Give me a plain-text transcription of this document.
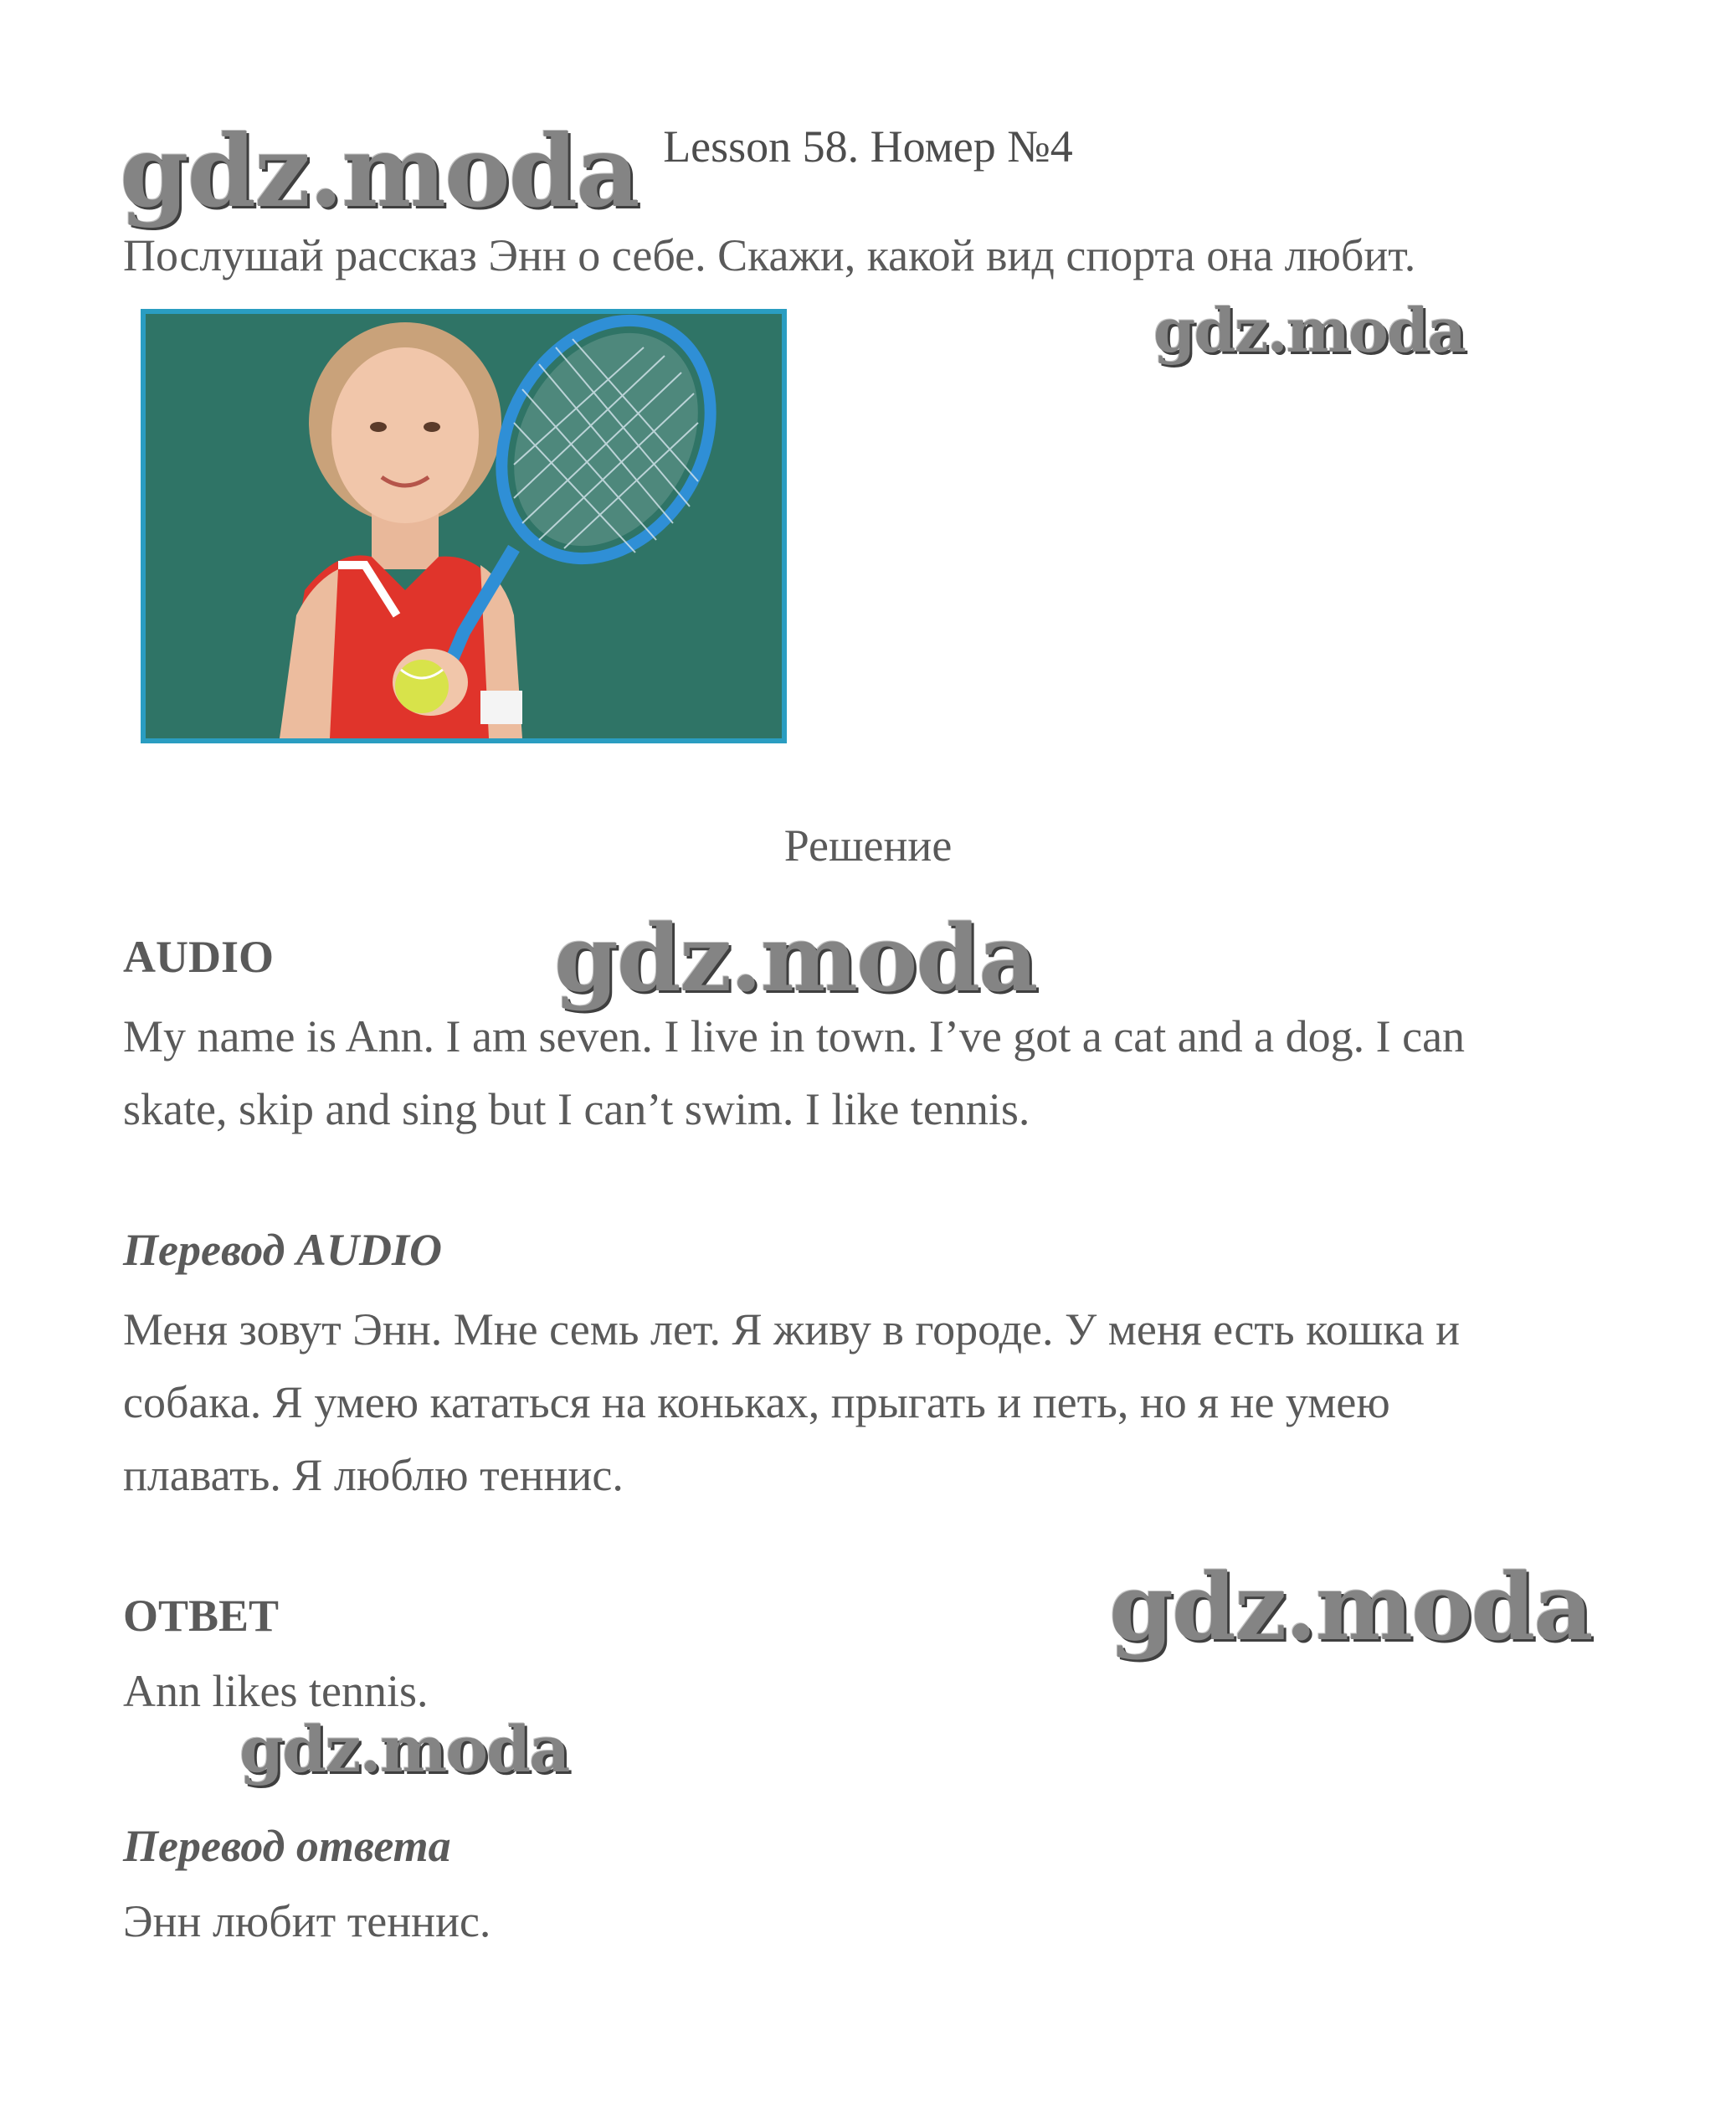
Lesson 58. Номер №4
Послушай рассказ Энн о себе. Скажи, какой вид спорта она любит.
Решение
AUDIO
My name is Ann. I am seven. I live in town. I’ve got a cat and a dog. I can
skate, skip and sing but I can’t swim. I like tennis.
Перевод AUDIO
Меня зовут Энн. Мне семь лет. Я живу в городе. У меня есть кошка и
собака. Я умею кататься на коньках, прыгать и петь, но я не умею
плавать. Я люблю теннис.
ОТВЕТ
Ann likes tennis.
Перевод ответа
Энн любит теннис.
gdz.moda
gdz.moda
gdz.moda
gdz.moda
gdz.moda
